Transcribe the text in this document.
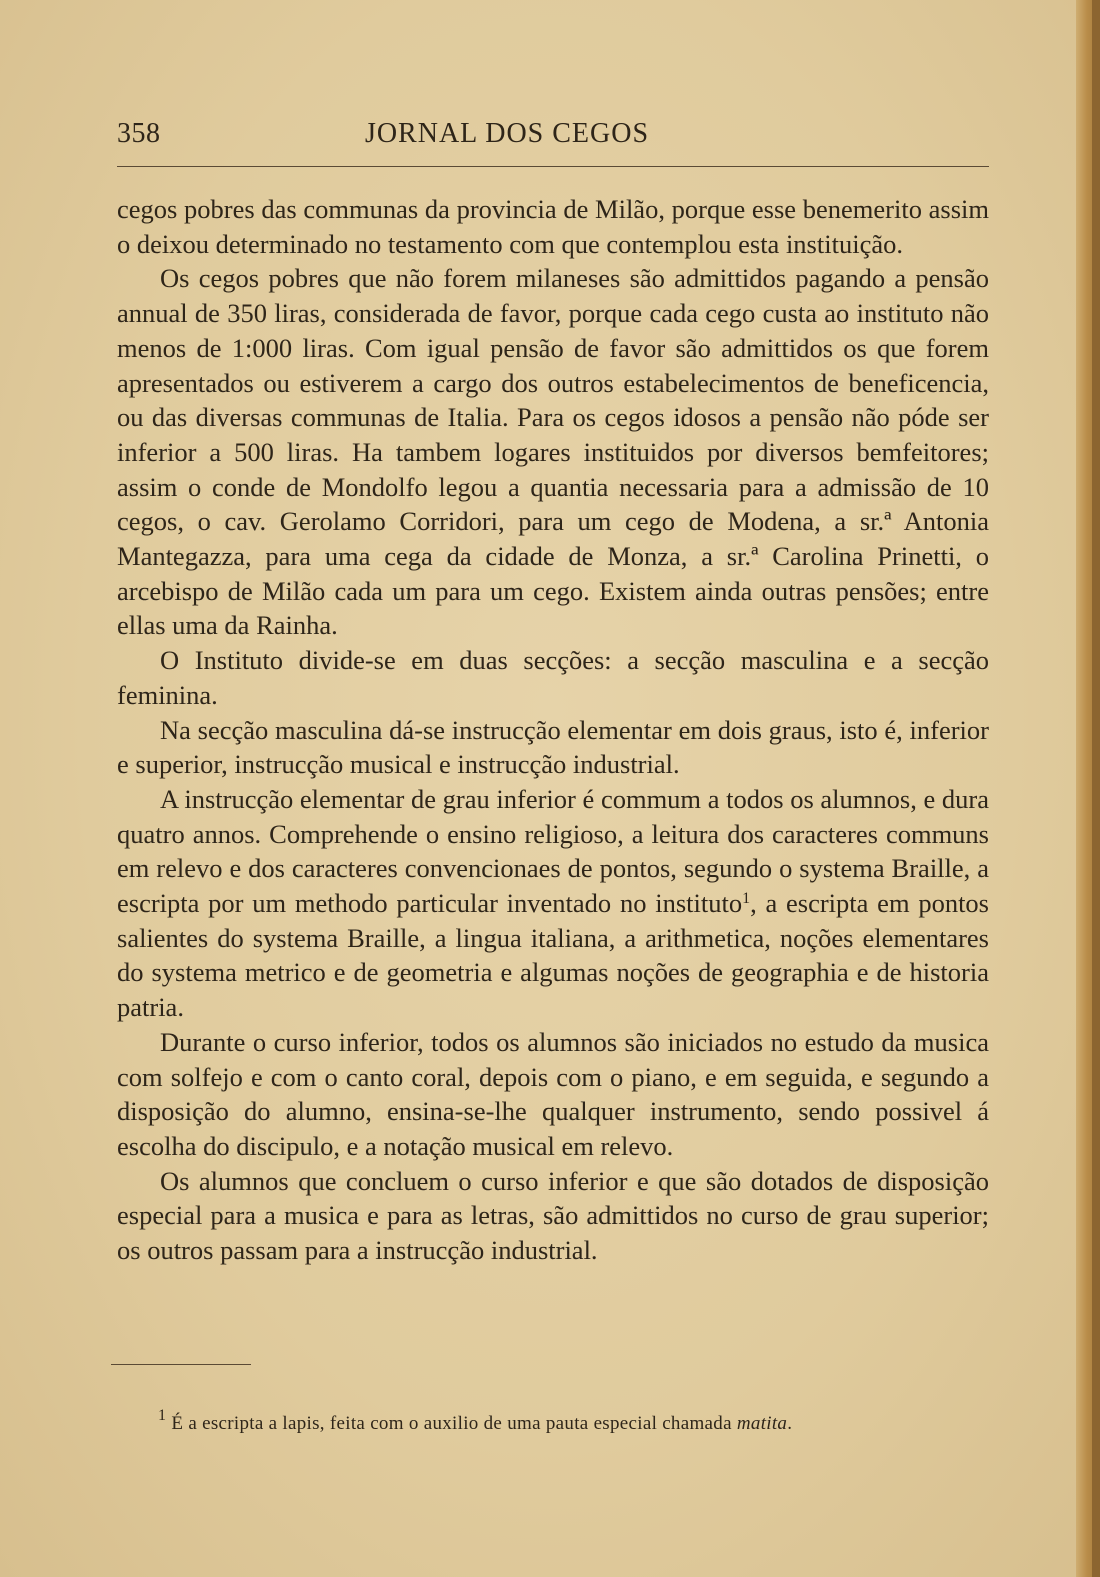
358	JORNAL DOS CEGOS

cegos pobres das communas da provincia de Milão, porque esse benemerito assim o deixou determinado no testamento com que contemplou esta instituição.

Os cegos pobres que não forem milaneses são admittidos pagando a pensão annual de 350 liras, considerada de favor, porque cada cego custa ao instituto não menos de 1:000 liras. Com igual pensão de favor são admittidos os que forem apresentados ou estiverem a cargo dos outros estabelecimentos de beneficencia, ou das diversas communas de Italia. Para os cegos idosos a pensão não póde ser inferior a 500 liras. Ha tambem logares instituidos por diversos bemfeitores; assim o conde de Mondolfo legou a quantia necessaria para a admissão de 10 cegos, o cav. Gerolamo Corridori, para um cego de Modena, a sr.ª Antonia Mantegazza, para uma cega da cidade de Monza, a sr.ª Carolina Prinetti, o arcebispo de Milão cada um para um cego. Existem ainda outras pensões; entre ellas uma da Rainha.

O Instituto divide-se em duas secções: a secção masculina e a secção feminina.

Na secção masculina dá-se instrucção elementar em dois graus, isto é, inferior e superior, instrucção musical e instrucção industrial.

A instrucção elementar de grau inferior é commum a todos os alumnos, e dura quatro annos. Comprehende o ensino religioso, a leitura dos caracteres communs em relevo e dos caracteres convencionaes de pontos, segundo o systema Braille, a escripta por um methodo particular inventado no instituto$^1$, a escripta em pontos salientes do systema Braille, a lingua italiana, a arithmetica, noções elementares do systema metrico e de geometria e algumas noções de geographia e de historia patria.

Durante o curso inferior, todos os alumnos são iniciados no estudo da musica com solfejo e com o canto coral, depois com o piano, e em seguida, e segundo a disposição do alumno, ensina-se-lhe qualquer instrumento, sendo possivel á escolha do discipulo, e a notação musical em relevo.

Os alumnos que concluem o curso inferior e que são dotados de disposição especial para a musica e para as letras, são admittidos no curso de grau superior; os outros passam para a instrucção industrial.

$^1$ É a escripta a lapis, feita com o auxilio de uma pauta especial chamada matita.
